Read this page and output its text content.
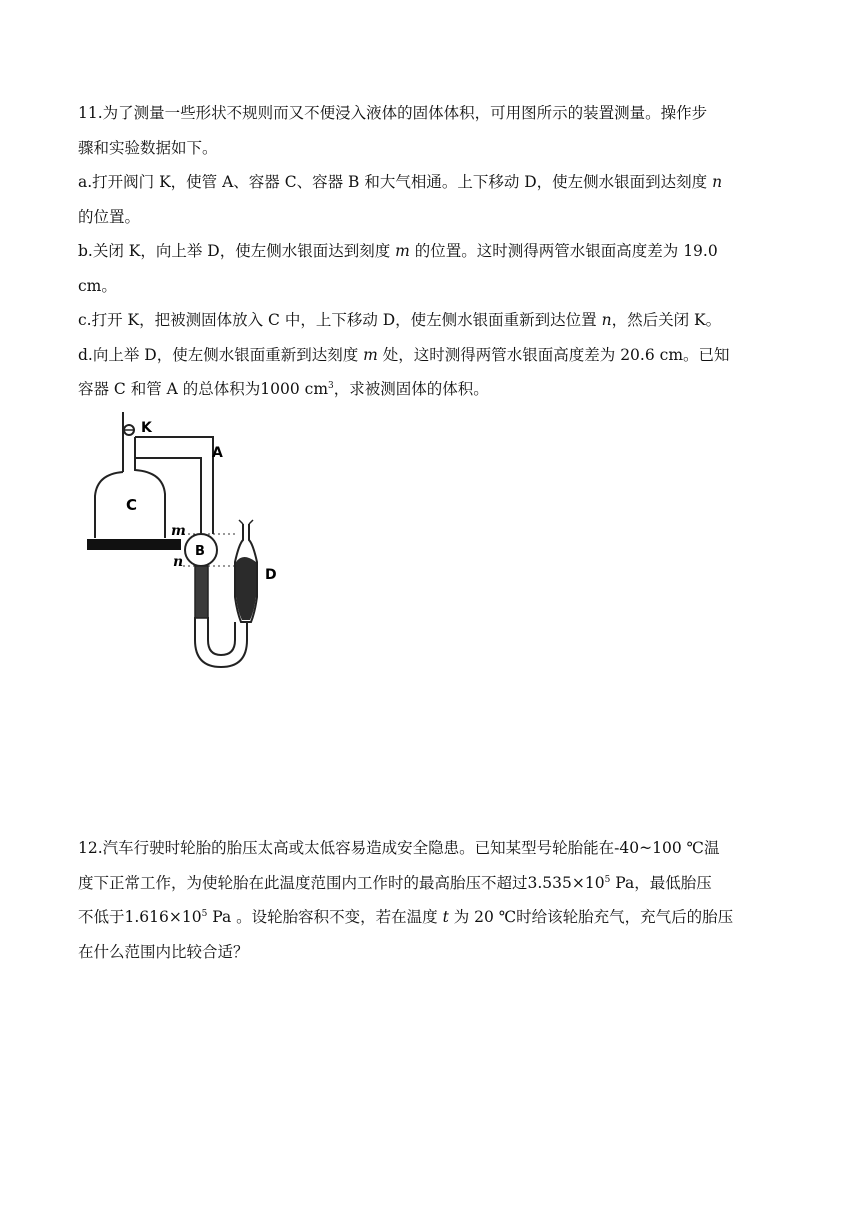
11.为了测量一些形状不规则而又不便浸入液体的固体体积，可用图所示的装置测量。操作步
骤和实验数据如下。
a.打开阀门 K，使管 A、容器 C、容器 B 和大气相通。上下移动 D，使左侧水银面到达刻度 n
的位置。
b.关闭 K，向上举 D，使左侧水银面达到刻度 m 的位置。这时测得两管水银面高度差为 19.0
cm。
c.打开 K，把被测固体放入 C 中，上下移动 D，使左侧水银面重新到达位置 n，然后关闭 K。
d.向上举 D，使左侧水银面重新到达刻度 m 处，这时测得两管水银面高度差为 20.6 cm。已知
容器 C 和管 A 的总体积为1000 $cm^3$，求被测固体的体积。
K
A
C
B
D
m
n
12.汽车行驶时轮胎的胎压太高或太低容易造成安全隐患。已知某型号轮胎能在-40~100 ℃温
度下正常工作，为使轮胎在此温度范围内工作时的最高胎压不超过$3.535\times 10^5$ Pa，最低胎压
不低于$1.616\times 10^5$ Pa 。设轮胎容积不变，若在温度 t 为 20 ℃时给该轮胎充气，充气后的胎压
在什么范围内比较合适？
